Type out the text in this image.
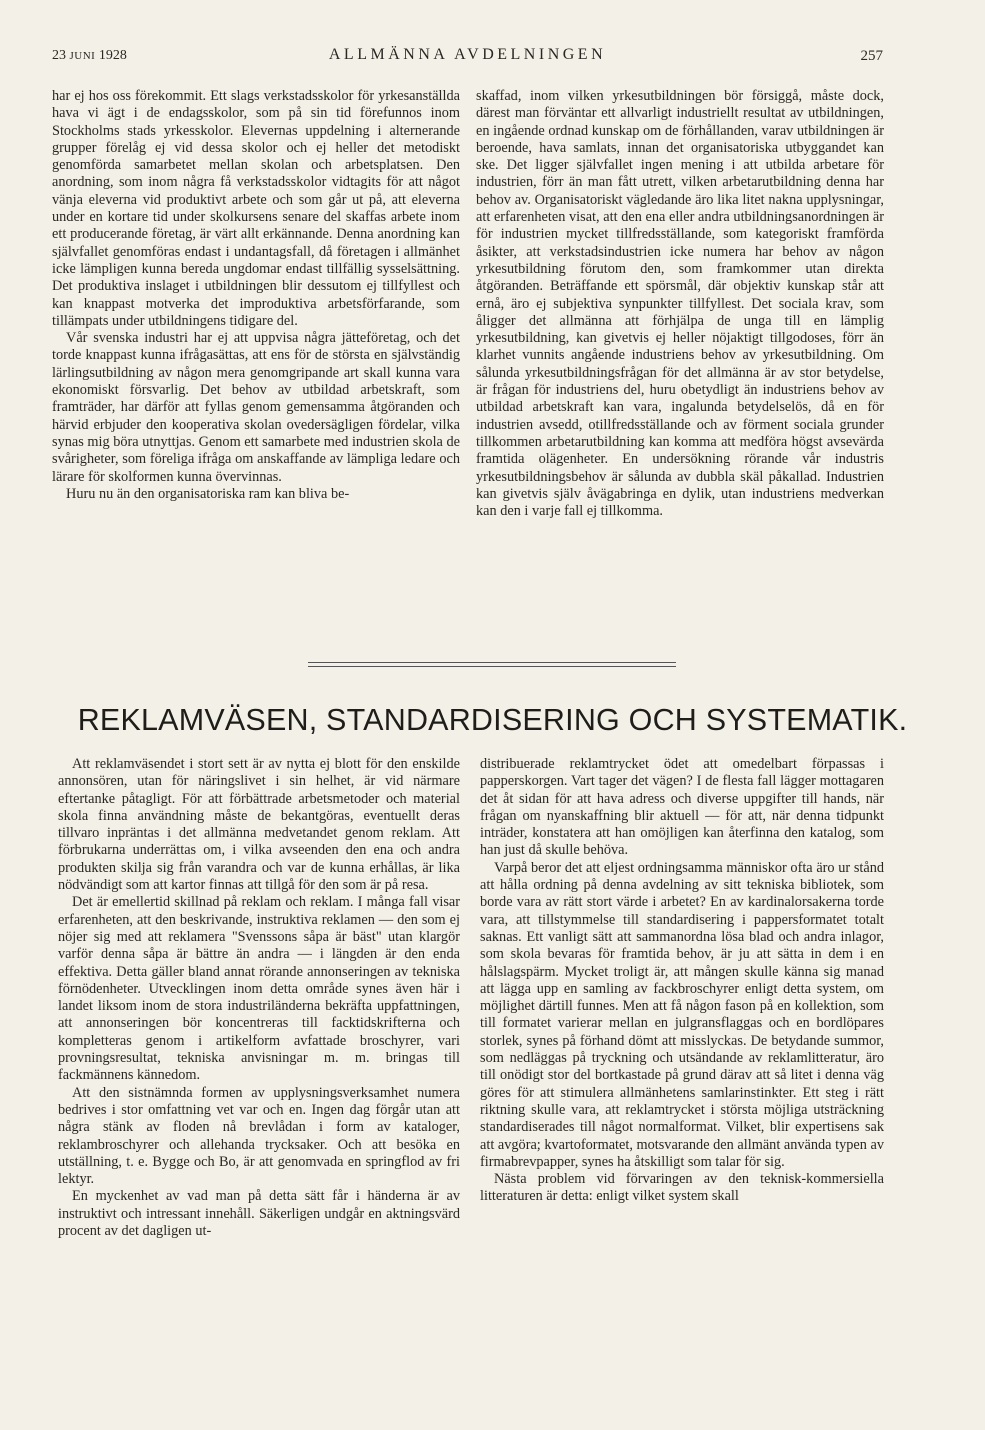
23 JUNI 1928	ALLMÄNNA AVDELNINGEN	257

har ej hos oss förekommit. Ett slags verkstadsskolor för yrkesanställda hava vi ägt i de endagsskolor, som på sin tid förefunnos inom Stockholms stads yrkesskolor. Elevernas uppdelning i alternerande grupper förelåg ej vid dessa skolor och ej heller det metodiskt genomförda samarbetet mellan skolan och arbetsplatsen. Den anordning, som inom några få verkstadsskolor vidtagits för att något vänja eleverna vid produktivt arbete och som går ut på, att eleverna under en kortare tid under skolkursens senare del skaffas arbete inom ett producerande företag, är värt allt erkännande. Denna anordning kan självfallet genomföras endast i undantagsfall, då företagen i allmänhet icke lämpligen kunna bereda ungdomar endast tillfällig sysselsättning. Det produktiva inslaget i utbildningen blir dessutom ej tillfyllest och kan knappast motverka det improduktiva arbetsförfarande, som tillämpats under utbildningens tidigare del.

Vår svenska industri har ej att uppvisa några jätteföretag, och det torde knappast kunna ifrågasättas, att ens för de största en självständig lärlingsutbildning av någon mera genomgripande art skall kunna vara ekonomiskt försvarlig. Det behov av utbildad arbetskraft, som framträder, har därför att fyllas genom gemensamma åtgöranden och härvid erbjuder den kooperativa skolan ovedersägligen fördelar, vilka synas mig böra utnyttjas. Genom ett samarbete med industrien skola de svårigheter, som föreliga ifråga om anskaffande av lämpliga ledare och lärare för skolformen kunna övervinnas.

Huru nu än den organisatoriska ram kan bliva be-

skaffad, inom vilken yrkesutbildningen bör försiggå, måste dock, därest man förväntar ett allvarligt industriellt resultat av utbildningen, en ingående ordnad kunskap om de förhållanden, varav utbildningen är beroende, hava samlats, innan det organisatoriska utbyggandet kan ske. Det ligger självfallet ingen mening i att utbilda arbetare för industrien, förr än man fått utrett, vilken arbetarutbildning denna har behov av. Organisatoriskt vägledande äro lika litet nakna upplysningar, att erfarenheten visat, att den ena eller andra utbildningsanordningen är för industrien mycket tillfredsställande, som kategoriskt framförda åsikter, att verkstadsindustrien icke numera har behov av någon yrkesutbildning förutom den, som framkommer utan direkta åtgöranden. Beträffande ett spörsmål, där objektiv kunskap står att ernå, äro ej subjektiva synpunkter tillfyllest. Det sociala krav, som åligger det allmänna att förhjälpa de unga till en lämplig yrkesutbildning, kan givetvis ej heller nöjaktigt tillgodoses, förr än klarhet vunnits angående industriens behov av yrkesutbildning. Om sålunda yrkesutbildningsfrågan för det allmänna är av stor betydelse, är frågan för industriens del, huru obetydligt än industriens behov av utbildad arbetskraft kan vara, ingalunda betydelselös, då en för industrien avsedd, otillfredsställande och av förment sociala grunder tillkommen arbetarutbildning kan komma att medföra högst avsevärda framtida olägenheter. En undersökning rörande vår industris yrkesutbildningsbehov är sålunda av dubbla skäl påkallad. Industrien kan givetvis själv åvägabringa en dylik, utan industriens medverkan kan den i varje fall ej tillkomma.

REKLAMVÄSEN, STANDARDISERING OCH SYSTEMATIK.

Att reklamväsendet i stort sett är av nytta ej blott för den enskilde annonsören, utan för näringslivet i sin helhet, är vid närmare eftertanke påtagligt. För att förbättrade arbetsmetoder och material skola finna användning måste de bekantgöras, eventuellt deras tillvaro inpräntas i det allmänna medvetandet genom reklam. Att förbrukarna underrättas om, i vilka avseenden den ena och andra produkten skilja sig från varandra och var de kunna erhållas, är lika nödvändigt som att kartor finnas att tillgå för den som är på resa.

Det är emellertid skillnad på reklam och reklam. I många fall visar erfarenheten, att den beskrivande, instruktiva reklamen — den som ej nöjer sig med att reklamera "Svenssons såpa är bäst" utan klargör varför denna såpa är bättre än andra — i längden är den enda effektiva. Detta gäller bland annat rörande annonseringen av tekniska förnödenheter. Utvecklingen inom detta område synes även här i landet liksom inom de stora industriländerna bekräfta uppfattningen, att annonseringen bör koncentreras till facktidskrifterna och kompletteras genom i artikelform avfattade broschyrer, vari provningsresultat, tekniska anvisningar m. m. bringas till fackmännens kännedom.

Att den sistnämnda formen av upplysningsverksamhet numera bedrives i stor omfattning vet var och en. Ingen dag förgår utan att några stänk av floden nå brevlådan i form av kataloger, reklambroschyrer och allehanda trycksaker. Och att besöka en utställning, t. e. Bygge och Bo, är att genomvada en springflod av fri lektyr.

En myckenhet av vad man på detta sätt får i händerna är av instruktivt och intressant innehåll. Säkerligen undgår en aktningsvärd procent av det dagligen ut-

distribuerade reklamtrycket ödet att omedelbart förpassas i papperskorgen. Vart tager det vägen? I de flesta fall lägger mottagaren det åt sidan för att hava adress och diverse uppgifter till hands, när frågan om nyanskaffning blir aktuell — för att, när denna tidpunkt inträder, konstatera att han omöjligen kan återfinna den katalog, som han just då skulle behöva.

Varpå beror det att eljest ordningsamma människor ofta äro ur stånd att hålla ordning på denna avdelning av sitt tekniska bibliotek, som borde vara av rätt stort värde i arbetet? En av kardinalorsakerna torde vara, att tillstymmelse till standardisering i pappersformatet totalt saknas. Ett vanligt sätt att sammanordna lösa blad och andra inlagor, som skola bevaras för framtida behov, är ju att sätta in dem i en hålslagspärm. Mycket troligt är, att mången skulle känna sig manad att lägga upp en samling av fackbroschyrer enligt detta system, om möjlighet därtill funnes. Men att få någon fason på en kollektion, som till formatet varierar mellan en julgransflaggas och en bordlöpares storlek, synes på förhand dömt att misslyckas. De betydande summor, som nedläggas på tryckning och utsändande av reklamlitteratur, äro till onödigt stor del bortkastade på grund därav att så litet i denna väg göres för att stimulera allmänhetens samlarinstinkter. Ett steg i rätt riktning skulle vara, att reklamtrycket i största möjliga utsträckning standardiserades till något normalformat. Vilket, blir expertisens sak att avgöra; kvartoformatet, motsvarande den allmänt använda typen av firmabrevpapper, synes ha åtskilligt som talar för sig.

Nästa problem vid förvaringen av den teknisk-kommersiella litteraturen är detta: enligt vilket system skall
